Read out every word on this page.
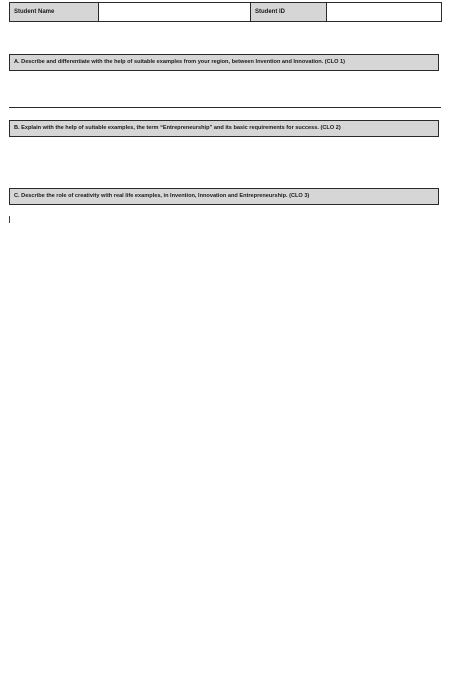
Student Name		Student ID	
A. Describe and differentiate with the help of suitable examples from your region, between Invention and Innovation. (CLO 1)
B. Explain with the help of suitable examples, the term “Entrepreneurship” and its basic requirements for success. (CLO 2)
C. Describe the role of creativity with real life examples, in Invention, Innovation and Entrepreneurship. (CLO 3)
